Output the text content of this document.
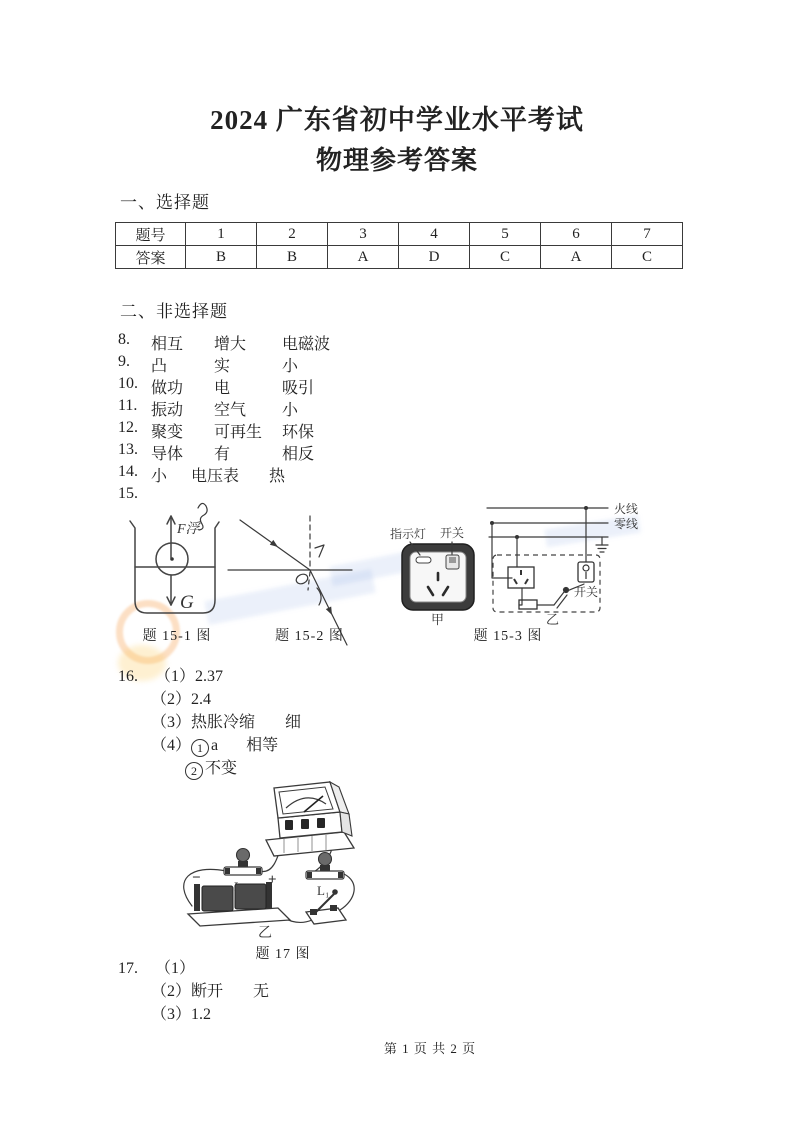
2024 广东省初中学业水平考试
物理参考答案
一、选择题
题号	1	2	3	4	5	6	7
答案	B	B	A	D	C	A	C
二、非选择题
8.	相互	增大	电磁波
9.	凸	实	小
10. 做功	电	吸引
11. 振动	空气	小
12. 聚变	可再生	环保
13. 导体	有	相反
14. 小	电压表	热
15.
F浮
G
题 15-1 图	题 15-2 图
指示灯 开关
甲
火线
零线
开关
乙
题 15-3 图
16. （1）2.37
（2）2.4
（3）热胀冷缩 细
（4） 1 a 相等
2 不变
L₁
−	+
乙
题 17 图
17. （1）
（2）断开 无
（3）1.2
第 1 页 共 2 页
